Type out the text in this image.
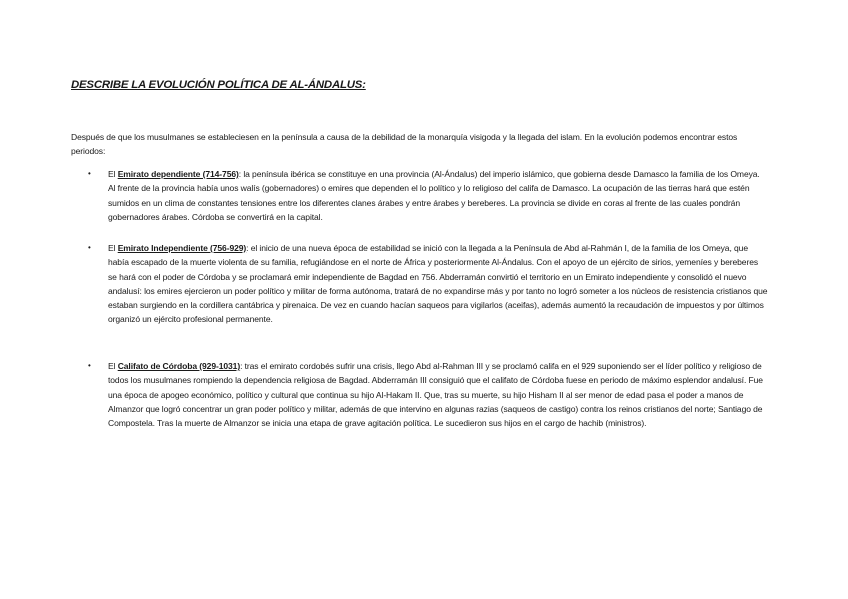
DESCRIBE LA EVOLUCIÓN POLÍTICA DE AL-ÁNDALUS:
Después de que los musulmanes se estableciesen en la península a causa de la debilidad de la monarquía visigoda y la llegada del islam. En la evolución podemos encontrar estos periodos:
• El Emirato dependiente (714-756): la península ibérica se constituye en una provincia (Al-Ándalus) del imperio islámico, que gobierna desde Damasco la familia de los Omeya. Al frente de la provincia había unos walís (gobernadores) o emires que dependen el lo político y lo religioso del califa de Damasco. La ocupación de las tierras hará que estén sumidos en un clima de constantes tensiones entre los diferentes clanes árabes y entre árabes y bereberes. La provincia se divide en coras al frente de las cuales pondrán gobernadores árabes. Córdoba se convertirá en la capital.
• El Emirato Independiente (756-929): el inicio de una nueva época de estabilidad se inició con la llegada a la Península de Abd al-Rahmán I, de la familia de los Omeya, que había escapado de la muerte violenta de su familia, refugiándose en el norte de África y posteriormente Al-Ándalus. Con el apoyo de un ejército de sirios, yemeníes y bereberes se hará con el poder de Córdoba y se proclamará emir independiente de Bagdad en 756. Abderramán convirtió el territorio en un Emirato independiente y consolidó el nuevo andalusí: los emires ejercieron un poder político y militar de forma autónoma, tratará de no expandirse más y por tanto no logró someter a los núcleos de resistencia cristianos que estaban surgiendo en la cordillera cantábrica y pirenaica. De vez en cuando hacían saqueos para vigilarlos (aceifas), además aumentó la recaudación de impuestos y por últimos organizó un ejército profesional permanente.
• El Califato de Córdoba (929-1031): tras el emirato cordobés sufrir una crisis, llego Abd al-Rahman III y se proclamó califa en el 929 suponiendo ser el líder político y religioso de todos los musulmanes rompiendo la dependencia religiosa de Bagdad. Abderramán III consiguió que el califato de Córdoba fuese en periodo de máximo esplendor andalusí. Fue una época de apogeo económico, político y cultural que continua su hijo Al-Hakam II. Que, tras su muerte, su hijo Hisham II al ser menor de edad pasa el poder a manos de Almanzor que logró concentrar un gran poder político y militar, además de que intervino en algunas razias (saqueos de castigo) contra los reinos cristianos del norte; Santiago de Compostela. Tras la muerte de Almanzor se inicia una etapa de grave agitación política. Le sucedieron sus hijos en el cargo de hachib (ministros).
